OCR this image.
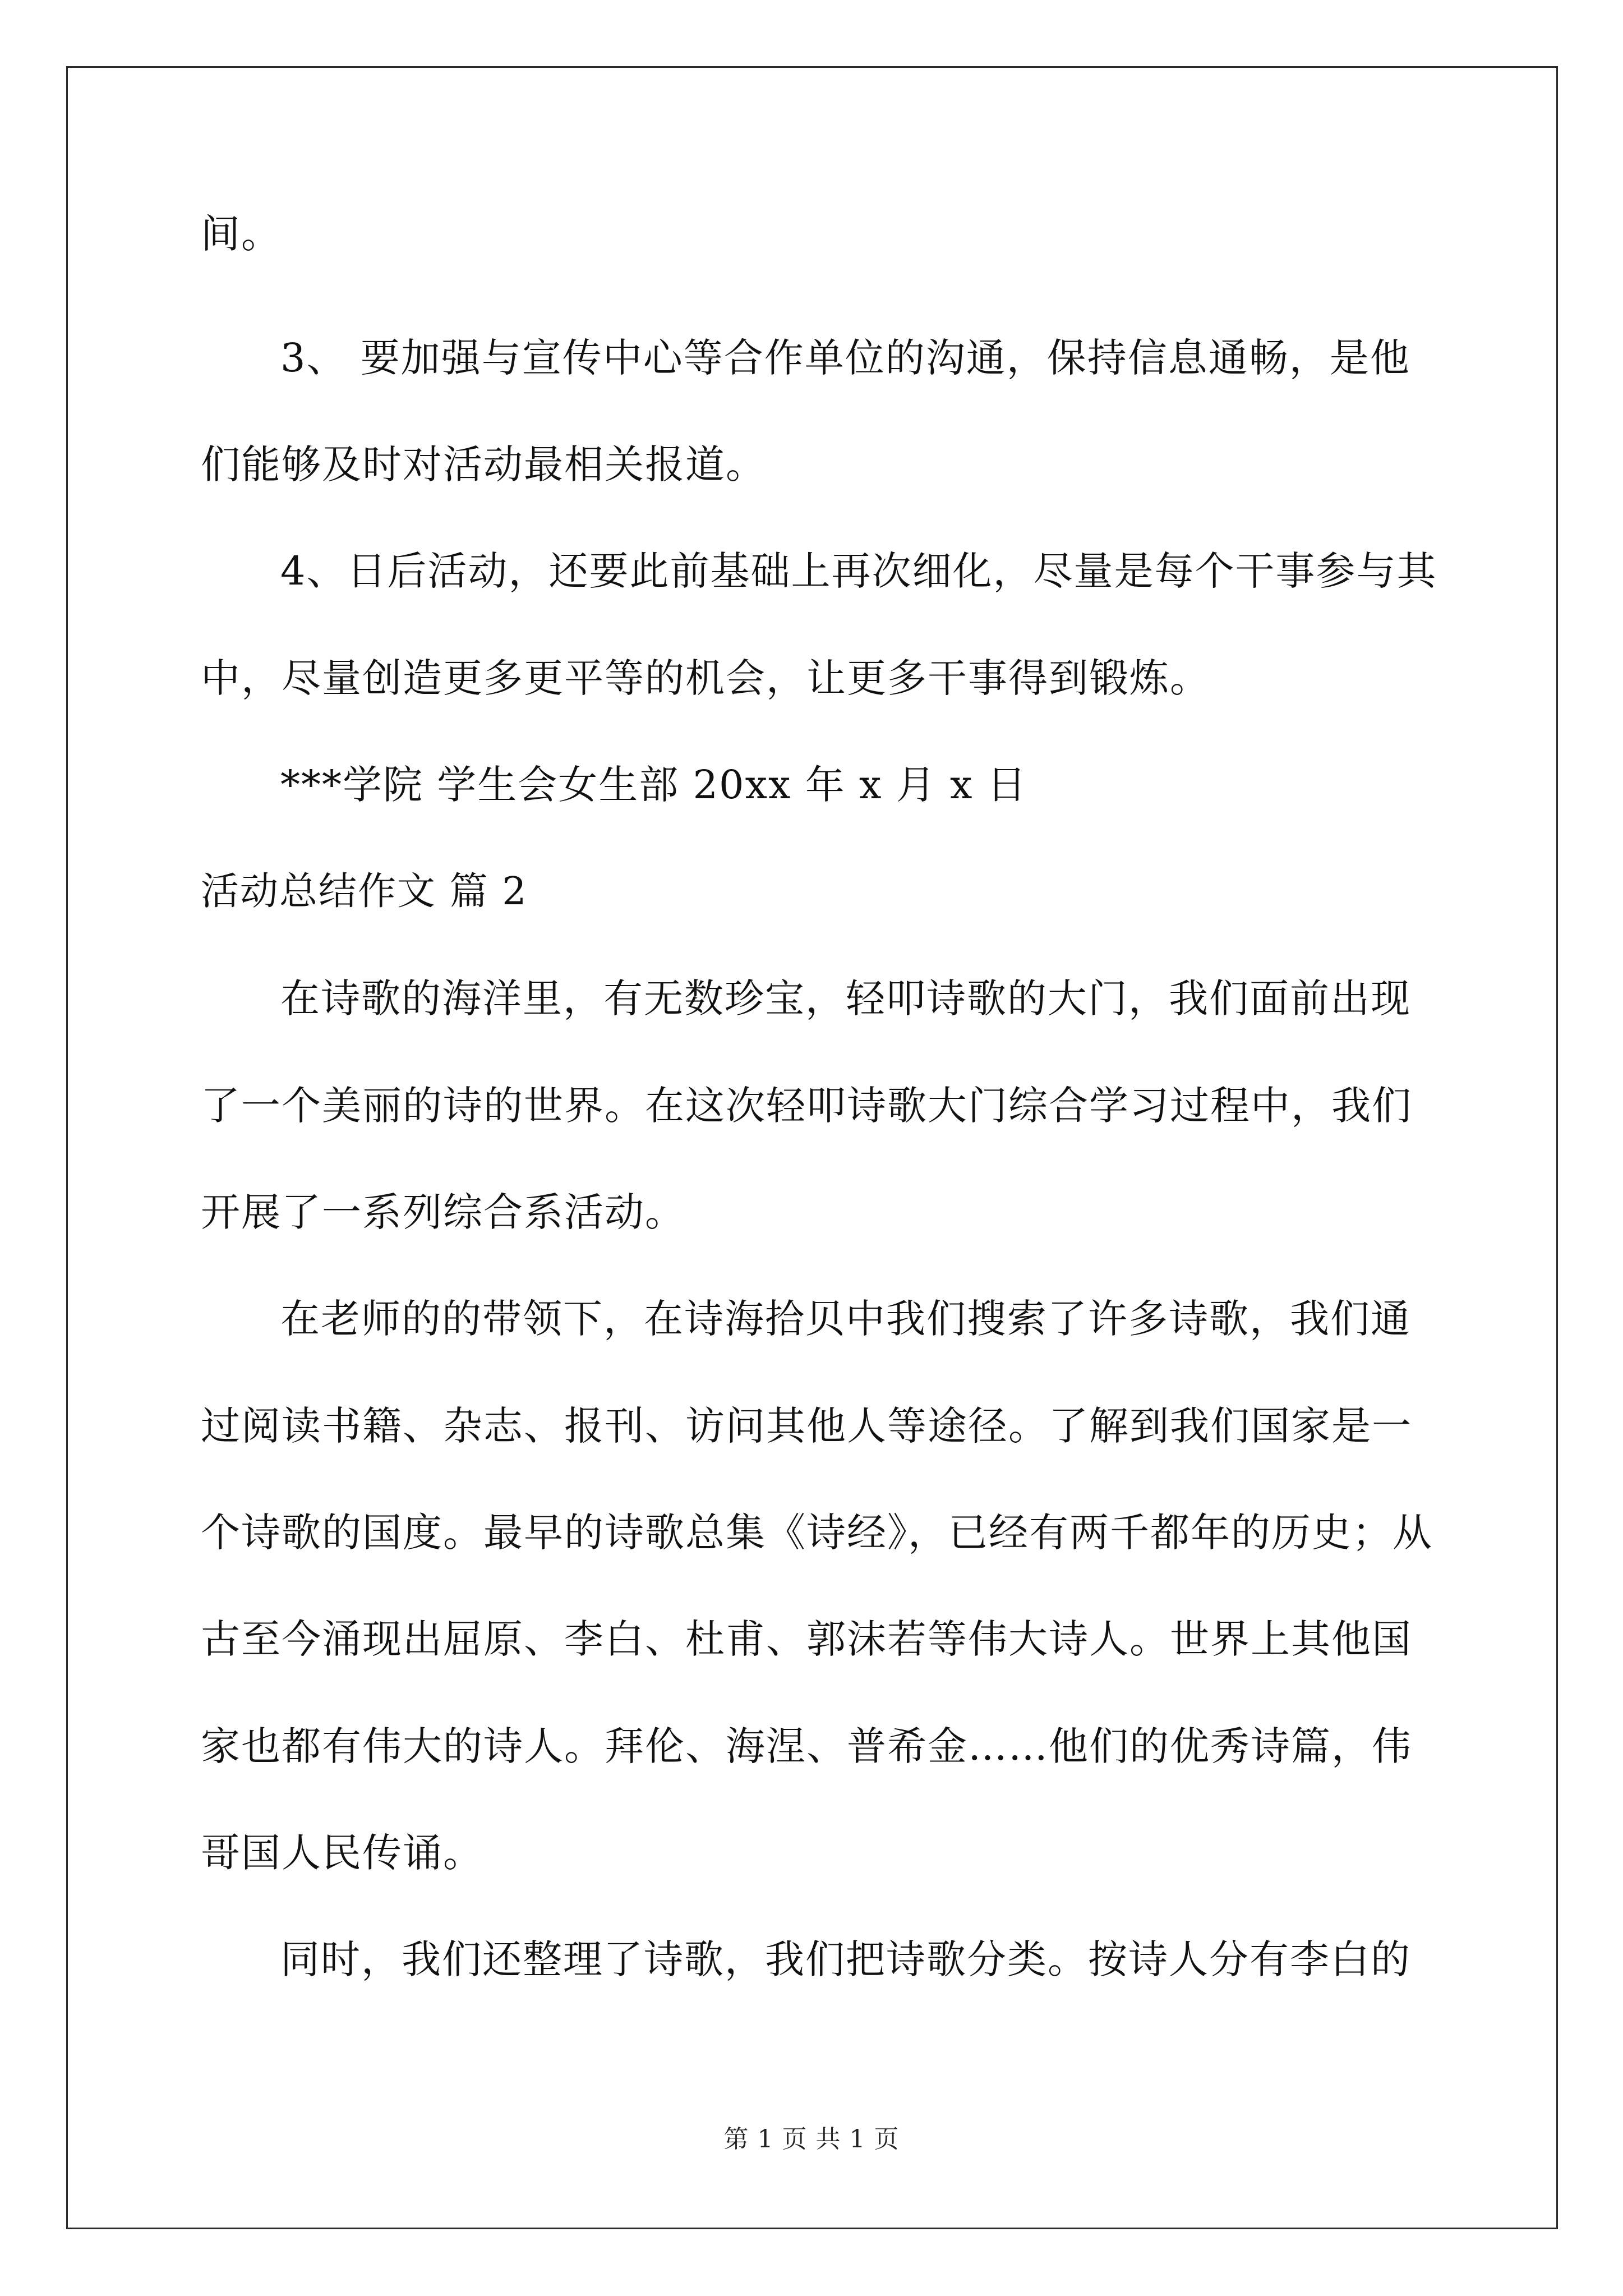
间。
3、 要加强与宣传中心等合作单位的沟通，保持信息通畅，是他
们能够及时对活动最相关报道。
4、日后活动，还要此前基础上再次细化，尽量是每个干事参与其
中，尽量创造更多更平等的机会，让更多干事得到锻炼。
***学院 学生会女生部 20xx 年 x 月 x 日
活动总结作文 篇 2
在诗歌的海洋里，有无数珍宝，轻叩诗歌的大门，我们面前出现
了一个美丽的诗的世界。在这次轻叩诗歌大门综合学习过程中，我们
开展了一系列综合系活动。
在老师的的带领下，在诗海拾贝中我们搜索了许多诗歌，我们通
过阅读书籍、杂志、报刊、访问其他人等途径。了解到我们国家是一
个诗歌的国度。最早的诗歌总集《诗经》，已经有两千都年的历史；从
古至今涌现出屈原、李白、杜甫、郭沫若等伟大诗人。世界上其他国
家也都有伟大的诗人。拜伦、海涅、普希金……他们的优秀诗篇，伟
哥国人民传诵。
同时，我们还整理了诗歌，我们把诗歌分类。按诗人分有李白的
第 1 页 共 1 页
